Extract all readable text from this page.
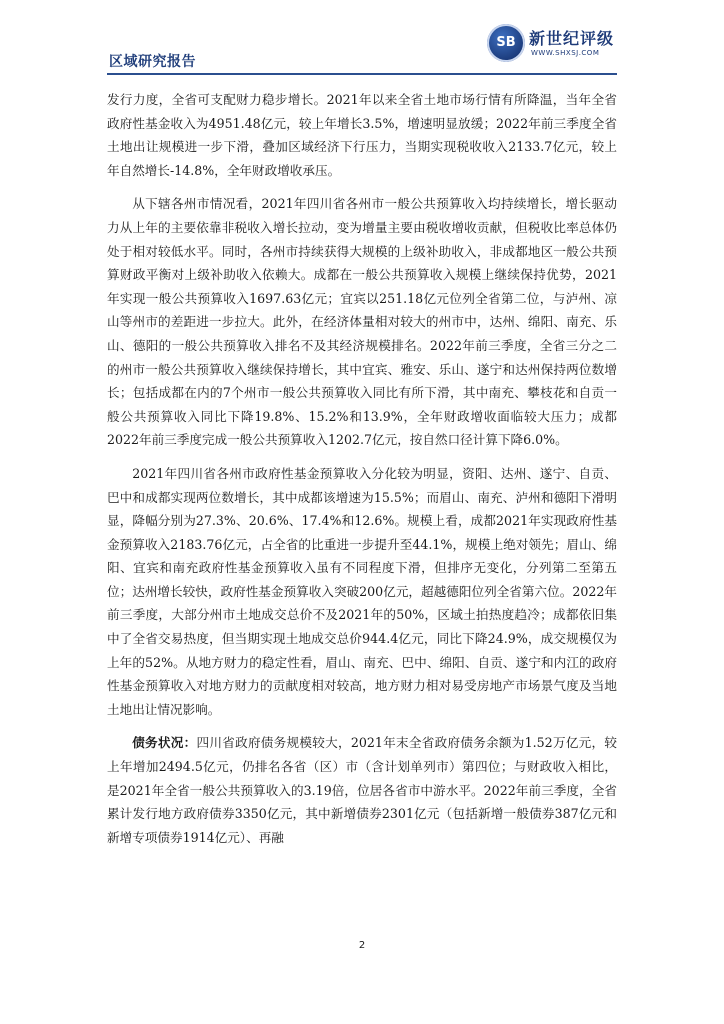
区域研究报告
SB 新世纪评级
WWW.SHXSJ.COM

发行力度，全省可支配财力稳步增长。2021年以来全省土地市场行情有所降温，当年全省政府性基金收入为4951.48亿元，较上年增长3.5%，增速明显放缓；2022年前三季度全省土地出让规模进一步下滑，叠加区域经济下行压力，当期实现税收收入2133.7亿元，较上年自然增长-14.8%，全年财政增收承压。

从下辖各州市情况看，2021年四川省各州市一般公共预算收入均持续增长，增长驱动力从上年的主要依靠非税收入增长拉动，变为增量主要由税收增收贡献，但税收比率总体仍处于相对较低水平。同时，各州市持续获得大规模的上级补助收入，非成都地区一般公共预算财政平衡对上级补助收入依赖大。成都在一般公共预算收入规模上继续保持优势，2021年实现一般公共预算收入1697.63亿元；宜宾以251.18亿元位列全省第二位，与泸州、凉山等州市的差距进一步拉大。此外，在经济体量相对较大的州市中，达州、绵阳、南充、乐山、德阳的一般公共预算收入排名不及其经济规模排名。2022年前三季度，全省三分之二的州市一般公共预算收入继续保持增长，其中宜宾、雅安、乐山、遂宁和达州保持两位数增长；包括成都在内的7个州市一般公共预算收入同比有所下滑，其中南充、攀枝花和自贡一般公共预算收入同比下降19.8%、15.2%和13.9%，全年财政增收面临较大压力；成都2022年前三季度完成一般公共预算收入1202.7亿元，按自然口径计算下降6.0%。

2021年四川省各州市政府性基金预算收入分化较为明显，资阳、达州、遂宁、自贡、巴中和成都实现两位数增长，其中成都该增速为15.5%；而眉山、南充、泸州和德阳下滑明显，降幅分别为27.3%、20.6%、17.4%和12.6%。规模上看，成都2021年实现政府性基金预算收入2183.76亿元，占全省的比重进一步提升至44.1%，规模上绝对领先；眉山、绵阳、宜宾和南充政府性基金预算收入虽有不同程度下滑，但排序无变化，分列第二至第五位；达州增长较快，政府性基金预算收入突破200亿元，超越德阳位列全省第六位。2022年前三季度，大部分州市土地成交总价不及2021年的50%，区域土拍热度趋冷；成都依旧集中了全省交易热度，但当期实现土地成交总价944.4亿元，同比下降24.9%，成交规模仅为上年的52%。从地方财力的稳定性看，眉山、南充、巴中、绵阳、自贡、遂宁和内江的政府性基金预算收入对地方财力的贡献度相对较高，地方财力相对易受房地产市场景气度及当地土地出让情况影响。

债务状况：四川省政府债务规模较大，2021年末全省政府债务余额为1.52万亿元，较上年增加2494.5亿元，仍排名各省（区）市（含计划单列市）第四位；与财政收入相比，是2021年全省一般公共预算收入的3.19倍，位居各省市中游水平。2022年前三季度，全省累计发行地方政府债券3350亿元，其中新增债券2301亿元（包括新增一般债券387亿元和新增专项债券1914亿元）、再融

2
